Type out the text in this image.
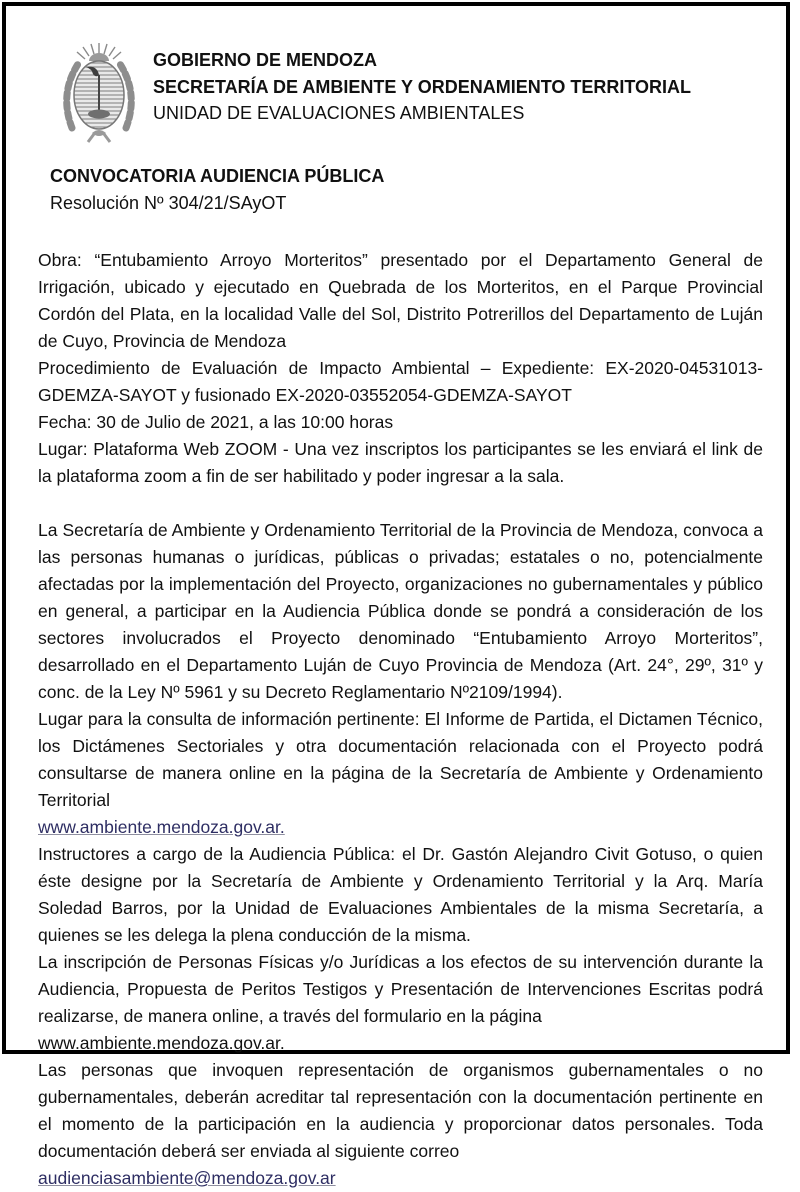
GOBIERNO DE MENDOZA
SECRETARÍA DE AMBIENTE Y ORDENAMIENTO TERRITORIAL
UNIDAD DE EVALUACIONES AMBIENTALES
CONVOCATORIA AUDIENCIA PÚBLICA
Resolución Nº 304/21/SAyOT

Obra: “Entubamiento Arroyo Morteritos” presentado por el Departamento General de Irrigación, ubicado y ejecutado en Quebrada de los Morteritos, en el Parque Provincial Cordón del Plata, en la localidad Valle del Sol, Distrito Potrerillos del Departamento de Luján de Cuyo, Provincia de Mendoza

Procedimiento de Evaluación de Impacto Ambiental – Expediente: EX-2020-04531013-GDEMZA-SAYOT y fusionado EX-2020-03552054-GDEMZA-SAYOT

Fecha: 30 de Julio de 2021, a las 10:00 horas

Lugar: Plataforma Web ZOOM - Una vez inscriptos los participantes se les enviará el link de la plataforma zoom a fin de ser habilitado y poder ingresar a la sala.

La Secretaría de Ambiente y Ordenamiento Territorial de la Provincia de Mendoza, convoca a las personas humanas o jurídicas, públicas o privadas; estatales o no, potencialmente afectadas por la implementación del Proyecto, organizaciones no gubernamentales y público en general, a participar en la Audiencia Pública donde se pondrá a consideración de los sectores involucrados el Proyecto denominado “Entubamiento Arroyo Morteritos”, desarrollado en el Departamento Luján de Cuyo Provincia de Mendoza (Art. 24°, 29º, 31º y conc. de la Ley Nº 5961 y su Decreto Reglamentario Nº2109/1994).

Lugar para la consulta de información pertinente: El Informe de Partida, el Dictamen Técnico, los Dictámenes Sectoriales y otra documentación relacionada con el Proyecto podrá consultarse de manera online en la página de la Secretaría de Ambiente y Ordenamiento Territorial

www.ambiente.mendoza.gov.ar.

Instructores a cargo de la Audiencia Pública: el Dr. Gastón Alejandro Civit Gotuso, o quien éste designe por la Secretaría de Ambiente y Ordenamiento Territorial y la Arq. María Soledad Barros, por la Unidad de Evaluaciones Ambientales de la misma Secretaría, a quienes se les delega la plena conducción de la misma.

La inscripción de Personas Físicas y/o Jurídicas a los efectos de su intervención durante la Audiencia, Propuesta de Peritos Testigos y Presentación de Intervenciones Escritas podrá realizarse, de manera online, a través del formulario en la página

www.ambiente.mendoza.gov.ar.

Las personas que invoquen representación de organismos gubernamentales o no gubernamentales, deberán acreditar tal representación con la documentación pertinente en el momento de la participación en la audiencia y proporcionar datos personales. Toda documentación deberá ser enviada al siguiente correo

audienciasambiente@mendoza.gov.ar
